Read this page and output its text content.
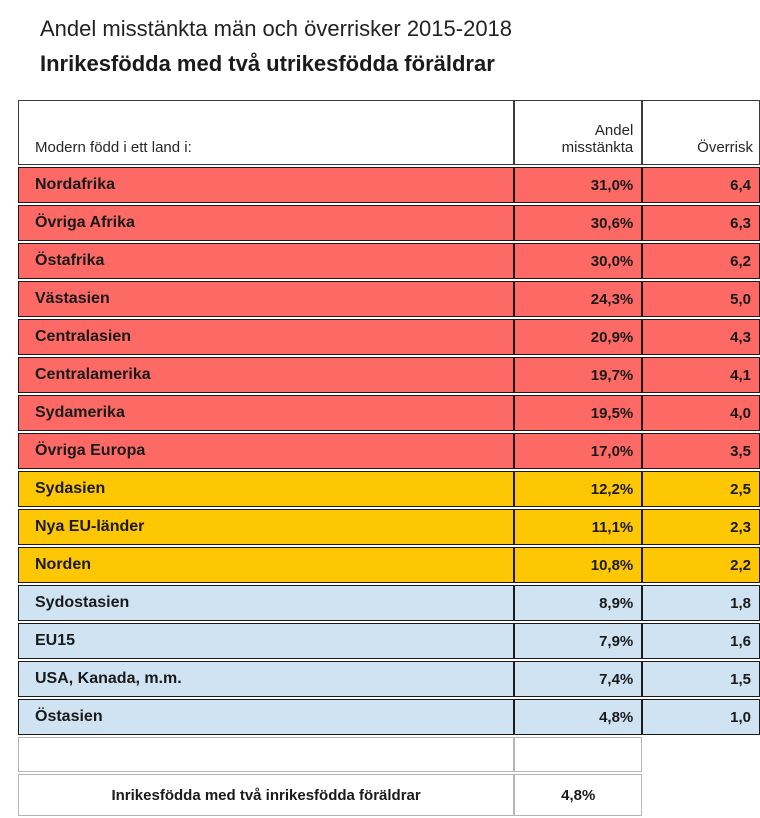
Andel misstänkta män och överrisker 2015-2018
Inrikesfödda med två utrikesfödda föräldrar
Modern född i ett land i:	Andel misstänkta	Överrisk
Nordafrika	31,0%	6,4
Övriga Afrika	30,6%	6,3
Östafrika	30,0%	6,2
Västasien	24,3%	5,0
Centralasien	20,9%	4,3
Centralamerika	19,7%	4,1
Sydamerika	19,5%	4,0
Övriga Europa	17,0%	3,5
Sydasien	12,2%	2,5
Nya EU-länder	11,1%	2,3
Norden	10,8%	2,2
Sydostasien	8,9%	1,8
EU15	7,9%	1,6
USA, Kanada, m.m.	7,4%	1,5
Östasien	4,8%	1,0

Inrikesfödda med två inrikesfödda föräldrar	4,8%	
